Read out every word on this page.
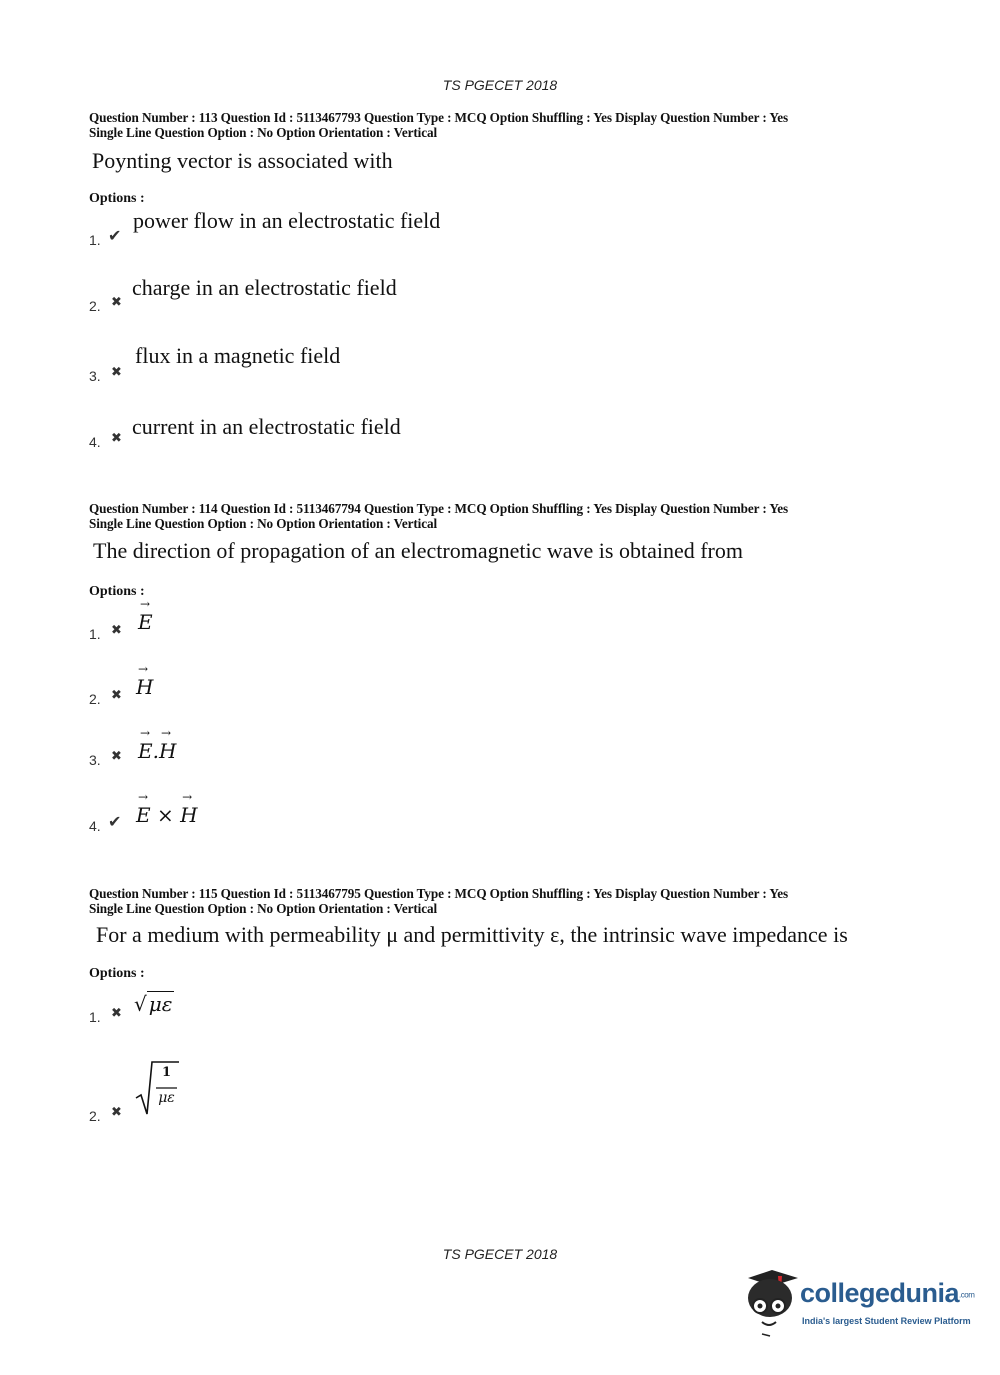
TS PGECET 2018
Question Number : 113 Question Id : 5113467793 Question Type : MCQ Option Shuffling : Yes Display Question Number : Yes
Single Line Question Option : No Option Orientation : Vertical
Poynting vector is associated with
Options :
1. ✔
power flow in an electrostatic field
2. ✖
charge in an electrostatic field
3. ✖
flux in a magnetic field
4. ✖ current in an electrostatic field
Question Number : 114 Question Id : 5113467794 Question Type : MCQ Option Shuffling : Yes Display Question Number : Yes
Single Line Question Option : No Option Orientation : Vertical
The direction of propagation of an electromagnetic wave is obtained from
Options :
1. ✖ → E
2. ✖ → H
3. ✖ → E.→ H
4. ✔ → E × → H
Question Number : 115 Question Id : 5113467795 Question Type : MCQ Option Shuffling : Yes Display Question Number : Yes
Single Line Question Option : No Option Orientation : Vertical
For a medium with permeability μ and permittivity ε, the intrinsic wave impedance is
Options :
1. ✖ √ με
2. ✖
1
με
TS PGECET 2018
collegedunia.com
India's largest Student Review Platform
